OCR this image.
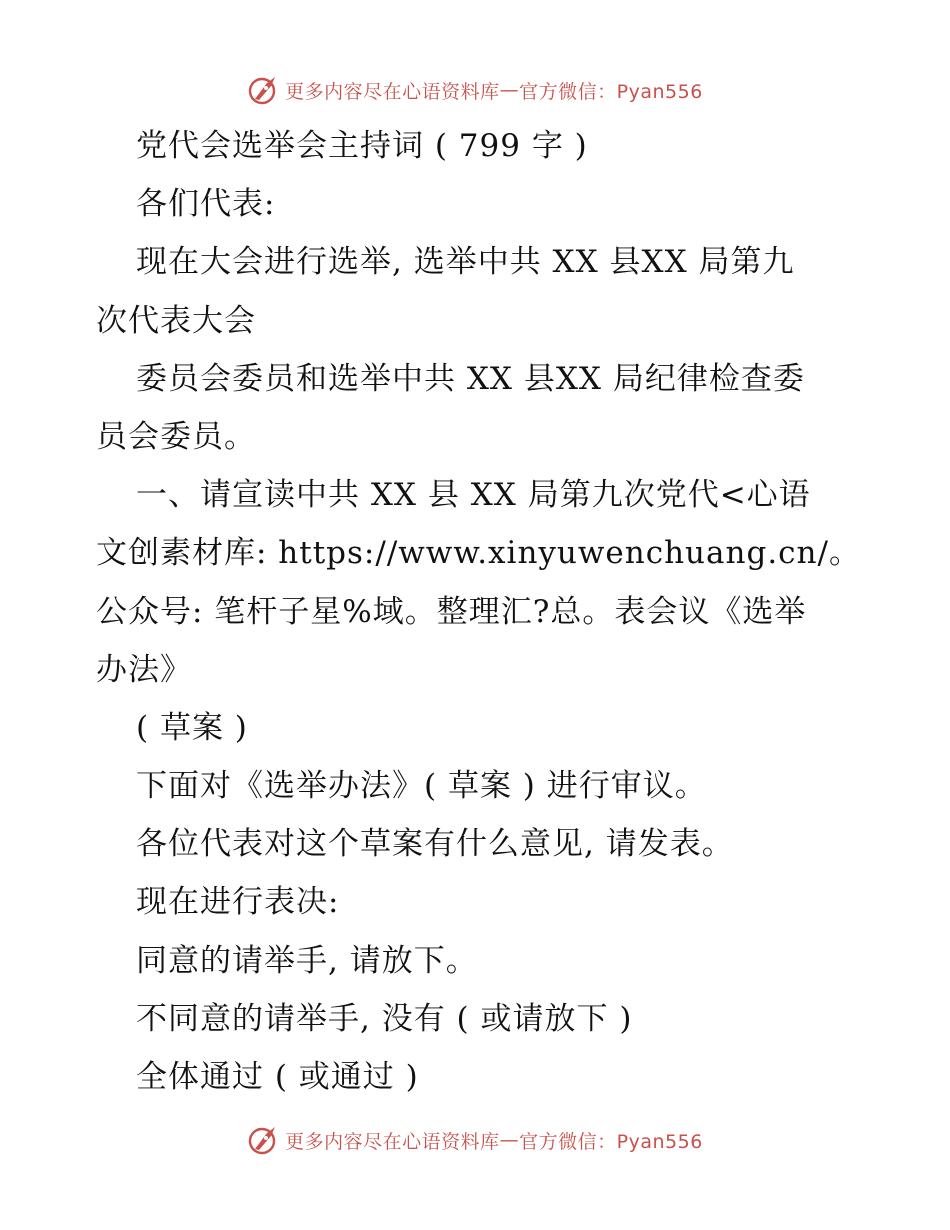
更多内容尽在心语资料库 — 官方微信：Pyan556
党代会选举会主持词 ( 799 字 )
各们代表:
现在大会进行选举, 选举中共 XX 县XX 局第九
次代表大会
委员会委员和选举中共 XX 县XX 局纪律检查委
员会委员。
一、请宣读中共 XX 县 XX 局第九次党代<心语
文创素材库: https://www.xinyuwenchuang.cn/。
公众号: 笔杆子星%域。整理汇?总。表会议《选举
办法》
( 草案 )
下面对《选举办法》( 草案 ) 进行审议。
各位代表对这个草案有什么意见, 请发表。
现在进行表决:
同意的请举手, 请放下。
不同意的请举手, 没有 ( 或请放下 )
全体通过 ( 或通过 )
更多内容尽在心语资料库 — 官方微信：Pyan556
